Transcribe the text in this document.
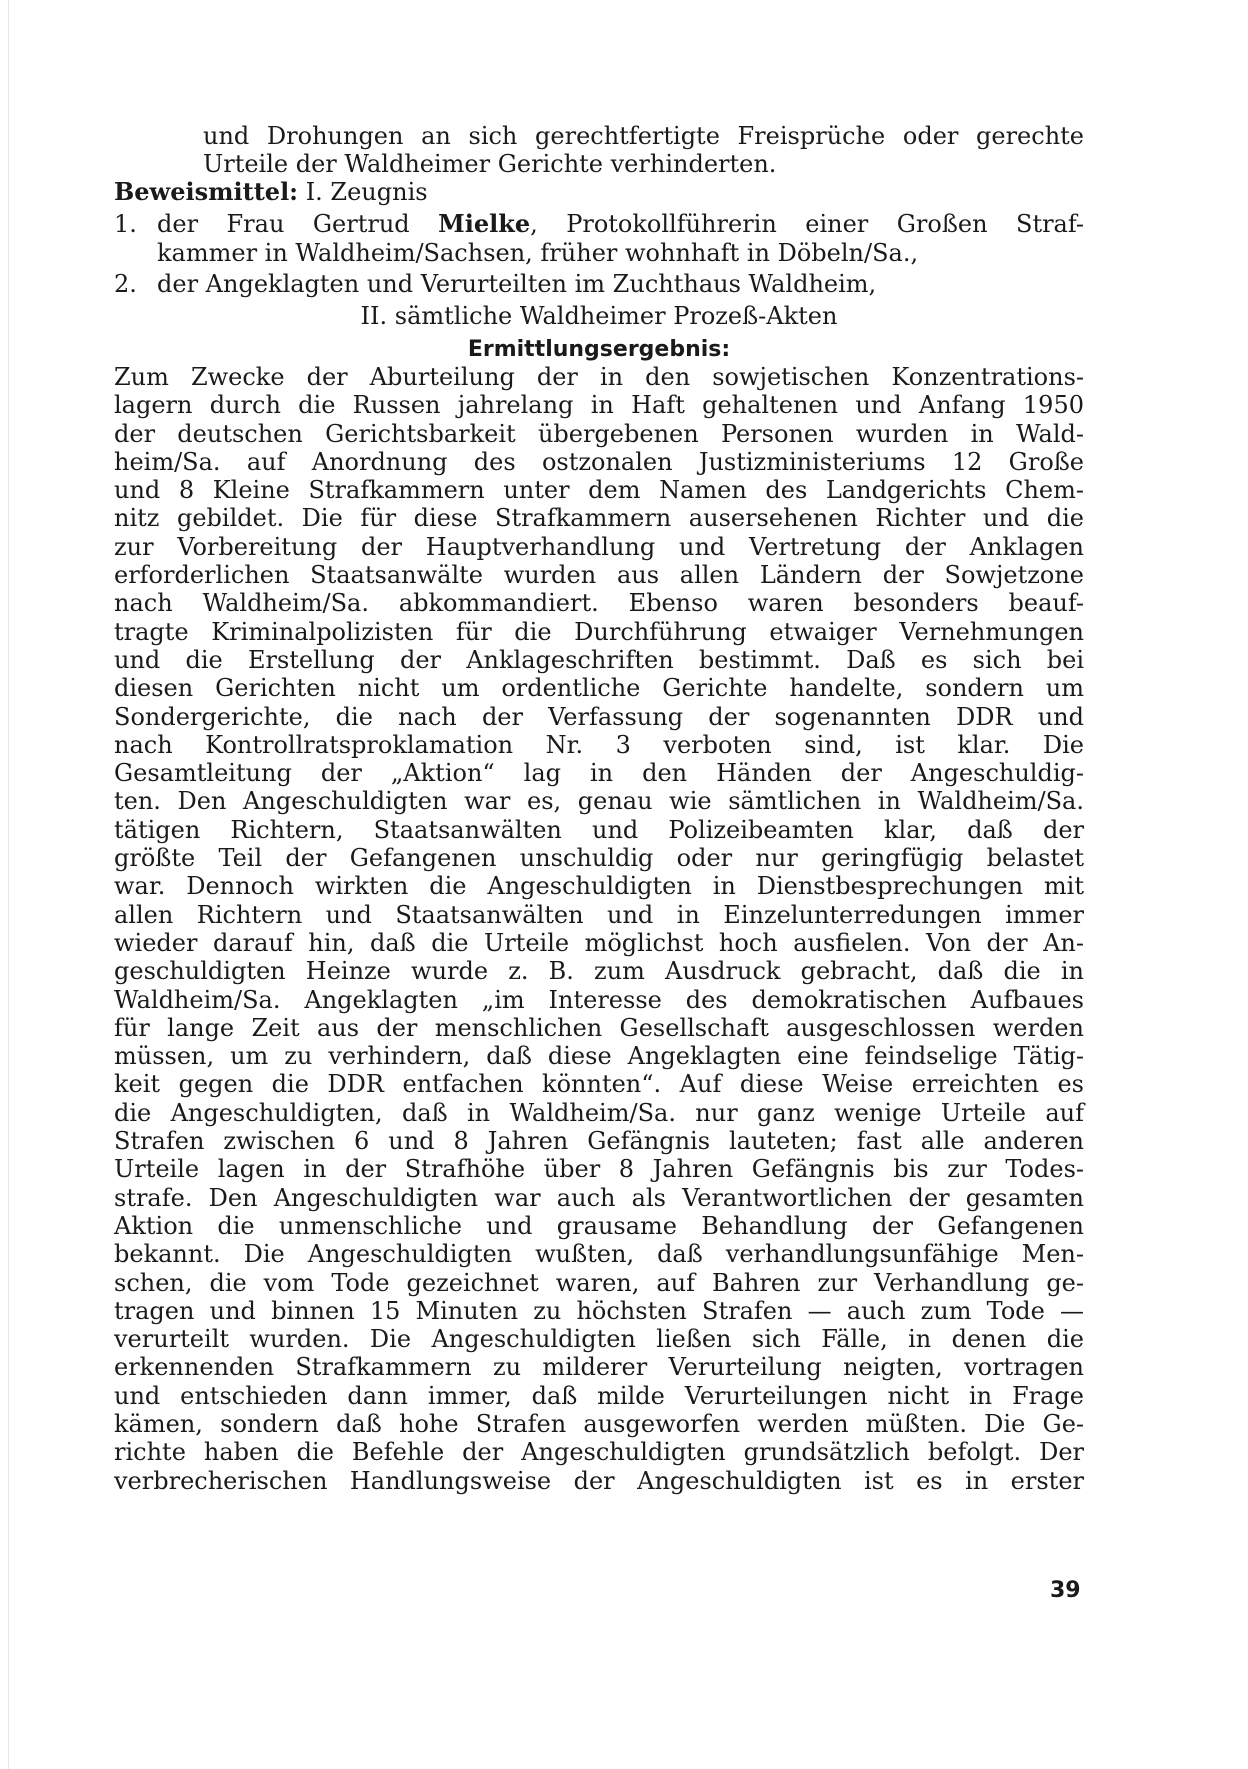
und Drohungen an sich gerechtfertigte Freisprüche oder gerechte
Urteile der Waldheimer Gerichte verhinderten.
Beweismittel: I. Zeugnis
1. der Frau Gertrud Mielke, Protokollführerin einer Großen Straf-
kammer in Waldheim/Sachsen, früher wohnhaft in Döbeln/Sa.,
2. der Angeklagten und Verurteilten im Zuchthaus Waldheim,
II. sämtliche Waldheimer Prozeß-Akten
Ermittlungsergebnis:
Zum Zwecke der Aburteilung der in den sowjetischen Konzentrations-
lagern durch die Russen jahrelang in Haft gehaltenen und Anfang 1950
der deutschen Gerichtsbarkeit übergebenen Personen wurden in Wald-
heim/Sa. auf Anordnung des ostzonalen Justizministeriums 12 Große
und 8 Kleine Strafkammern unter dem Namen des Landgerichts Chem-
nitz gebildet. Die für diese Strafkammern ausersehenen Richter und die
zur Vorbereitung der Hauptverhandlung und Vertretung der Anklagen
erforderlichen Staatsanwälte wurden aus allen Ländern der Sowjetzone
nach Waldheim/Sa. abkommandiert. Ebenso waren besonders beauf-
tragte Kriminalpolizisten für die Durchführung etwaiger Vernehmungen
und die Erstellung der Anklageschriften bestimmt. Daß es sich bei
diesen Gerichten nicht um ordentliche Gerichte handelte, sondern um
Sondergerichte, die nach der Verfassung der sogenannten DDR und
nach Kontrollratsproklamation Nr. 3 verboten sind, ist klar. Die
Gesamtleitung der „Aktion“ lag in den Händen der Angeschuldig-
ten. Den Angeschuldigten war es, genau wie sämtlichen in Waldheim/Sa.
tätigen Richtern, Staatsanwälten und Polizeibeamten klar, daß der
größte Teil der Gefangenen unschuldig oder nur geringfügig belastet
war. Dennoch wirkten die Angeschuldigten in Dienstbesprechungen mit
allen Richtern und Staatsanwälten und in Einzelunterredungen immer
wieder darauf hin, daß die Urteile möglichst hoch ausfielen. Von der An-
geschuldigten Heinze wurde z. B. zum Ausdruck gebracht, daß die in
Waldheim/Sa. Angeklagten „im Interesse des demokratischen Aufbaues
für lange Zeit aus der menschlichen Gesellschaft ausgeschlossen werden
müssen, um zu verhindern, daß diese Angeklagten eine feindselige Tätig-
keit gegen die DDR entfachen könnten“. Auf diese Weise erreichten es
die Angeschuldigten, daß in Waldheim/Sa. nur ganz wenige Urteile auf
Strafen zwischen 6 und 8 Jahren Gefängnis lauteten; fast alle anderen
Urteile lagen in der Strafhöhe über 8 Jahren Gefängnis bis zur Todes-
strafe. Den Angeschuldigten war auch als Verantwortlichen der gesamten
Aktion die unmenschliche und grausame Behandlung der Gefangenen
bekannt. Die Angeschuldigten wußten, daß verhandlungsunfähige Men-
schen, die vom Tode gezeichnet waren, auf Bahren zur Verhandlung ge-
tragen und binnen 15 Minuten zu höchsten Strafen — auch zum Tode —
verurteilt wurden. Die Angeschuldigten ließen sich Fälle, in denen die
erkennenden Strafkammern zu milderer Verurteilung neigten, vortragen
und entschieden dann immer, daß milde Verurteilungen nicht in Frage
kämen, sondern daß hohe Strafen ausgeworfen werden müßten. Die Ge-
richte haben die Befehle der Angeschuldigten grundsätzlich befolgt. Der
verbrecherischen Handlungsweise der Angeschuldigten ist es in erster
39
